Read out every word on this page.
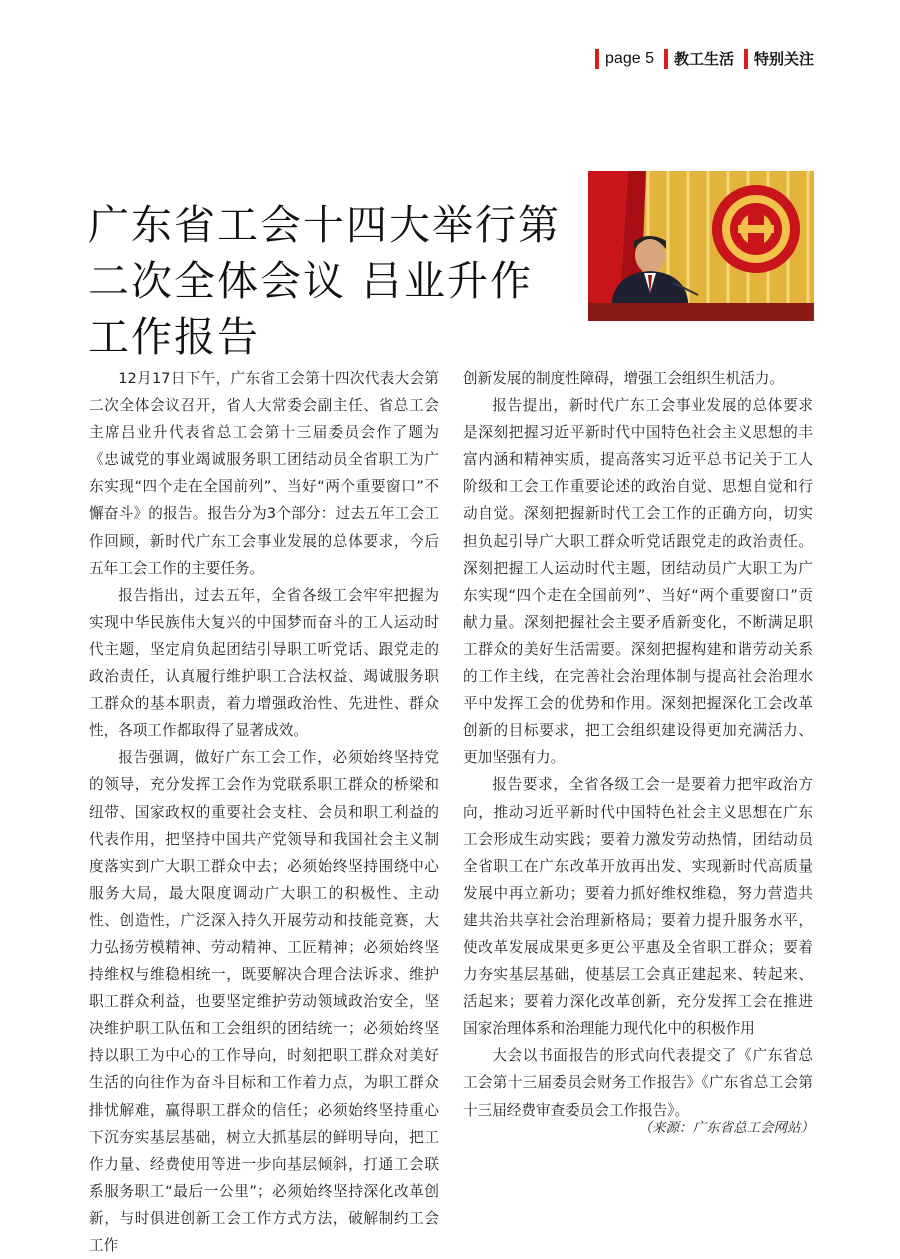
page 5 教工生活 特别关注
广东省工会十四大举行第二次全体会议 吕业升作工作报告

12月17日下午，广东省工会第十四次代表大会第二次全体会议召开，省人大常委会副主任、省总工会主席吕业升代表省总工会第十三届委员会作了题为《忠诚党的事业竭诚服务职工团结动员全省职工为广东实现“四个走在全国前列”、当好“两个重要窗口”不懈奋斗》的报告。报告分为3个部分：过去五年工会工作回顾，新时代广东工会事业发展的总体要求，今后五年工会工作的主要任务。

报告指出，过去五年，全省各级工会牢牢把握为实现中华民族伟大复兴的中国梦而奋斗的工人运动时代主题，坚定肩负起团结引导职工听党话、跟党走的政治责任，认真履行维护职工合法权益、竭诚服务职工群众的基本职责，着力增强政治性、先进性、群众性，各项工作都取得了显著成效。

报告强调，做好广东工会工作，必须始终坚持党的领导，充分发挥工会作为党联系职工群众的桥梁和纽带、国家政权的重要社会支柱、会员和职工利益的代表作用，把坚持中国共产党领导和我国社会主义制度落实到广大职工群众中去；必须始终坚持围绕中心服务大局，最大限度调动广大职工的积极性、主动性、创造性，广泛深入持久开展劳动和技能竞赛，大力弘扬劳模精神、劳动精神、工匠精神；必须始终坚持维权与维稳相统一，既要解决合理合法诉求、维护职工群众利益，也要坚定维护劳动领域政治安全，坚决维护职工队伍和工会组织的团结统一；必须始终坚持以职工为中心的工作导向，时刻把职工群众对美好生活的向往作为奋斗目标和工作着力点，为职工群众排忧解难，赢得职工群众的信任；必须始终坚持重心下沉夯实基层基础，树立大抓基层的鲜明导向，把工作力量、经费使用等进一步向基层倾斜，打通工会联系服务职工“最后一公里”；必须始终坚持深化改革创新，与时俱进创新工会工作方式方法，破解制约工会工作

创新发展的制度性障碍，增强工会组织生机活力。

报告提出，新时代广东工会事业发展的总体要求是深刻把握习近平新时代中国特色社会主义思想的丰富内涵和精神实质，提高落实习近平总书记关于工人阶级和工会工作重要论述的政治自觉、思想自觉和行动自觉。深刻把握新时代工会工作的正确方向，切实担负起引导广大职工群众听党话跟党走的政治责任。深刻把握工人运动时代主题，团结动员广大职工为广东实现“四个走在全国前列”、当好“两个重要窗口”贡献力量。深刻把握社会主要矛盾新变化，不断满足职工群众的美好生活需要。深刻把握构建和谐劳动关系的工作主线，在完善社会治理体制与提高社会治理水平中发挥工会的优势和作用。深刻把握深化工会改革创新的目标要求，把工会组织建设得更加充满活力、更加坚强有力。

报告要求，全省各级工会一是要着力把牢政治方向，推动习近平新时代中国特色社会主义思想在广东工会形成生动实践；要着力激发劳动热情，团结动员全省职工在广东改革开放再出发、实现新时代高质量发展中再立新功；要着力抓好维权维稳，努力营造共建共治共享社会治理新格局；要着力提升服务水平，使改革发展成果更多更公平惠及全省职工群众；要着力夯实基层基础，使基层工会真正建起来、转起来、活起来；要着力深化改革创新，充分发挥工会在推进国家治理体系和治理能力现代化中的积极作用

大会以书面报告的形式向代表提交了《广东省总工会第十三届委员会财务工作报告》《广东省总工会第十三届经费审查委员会工作报告》。

（来源：广东省总工会网站）
